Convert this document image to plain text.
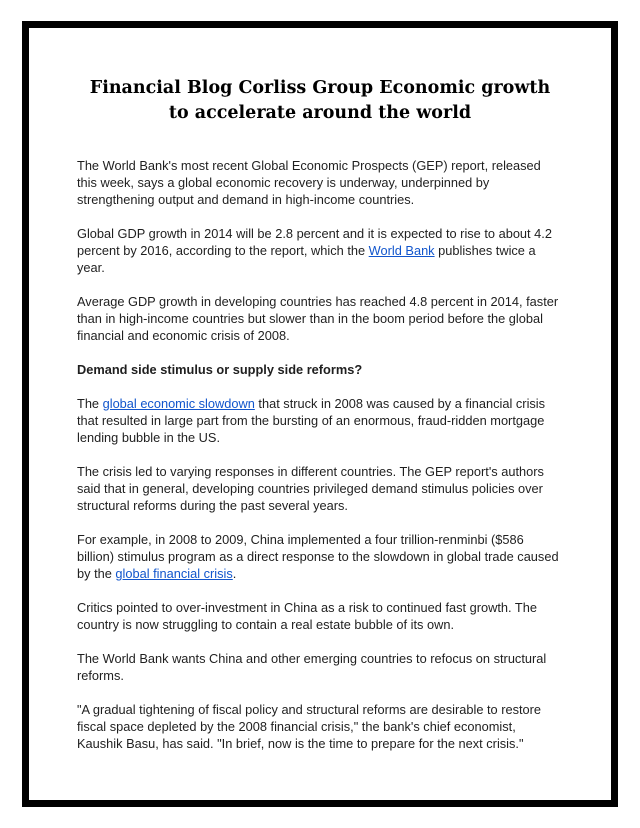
Financial Blog Corliss Group Economic growth
to accelerate around the world

The World Bank's most recent Global Economic Prospects (GEP) report, released this week, says a global economic recovery is underway, underpinned by strengthening output and demand in high-income countries.

Global GDP growth in 2014 will be 2.8 percent and it is expected to rise to about 4.2 percent by 2016, according to the report, which the World Bank publishes twice a year.

Average GDP growth in developing countries has reached 4.8 percent in 2014, faster than in high-income countries but slower than in the boom period before the global financial and economic crisis of 2008.

Demand side stimulus or supply side reforms?

The global economic slowdown that struck in 2008 was caused by a financial crisis that resulted in large part from the bursting of an enormous, fraud-ridden mortgage lending bubble in the US.

The crisis led to varying responses in different countries. The GEP report's authors said that in general, developing countries privileged demand stimulus policies over structural reforms during the past several years.

For example, in 2008 to 2009, China implemented a four trillion-renminbi ($586 billion) stimulus program as a direct response to the slowdown in global trade caused by the global financial crisis.

Critics pointed to over-investment in China as a risk to continued fast growth. The country is now struggling to contain a real estate bubble of its own.

The World Bank wants China and other emerging countries to refocus on structural reforms.

"A gradual tightening of fiscal policy and structural reforms are desirable to restore fiscal space depleted by the 2008 financial crisis," the bank's chief economist, Kaushik Basu, has said. "In brief, now is the time to prepare for the next crisis."
